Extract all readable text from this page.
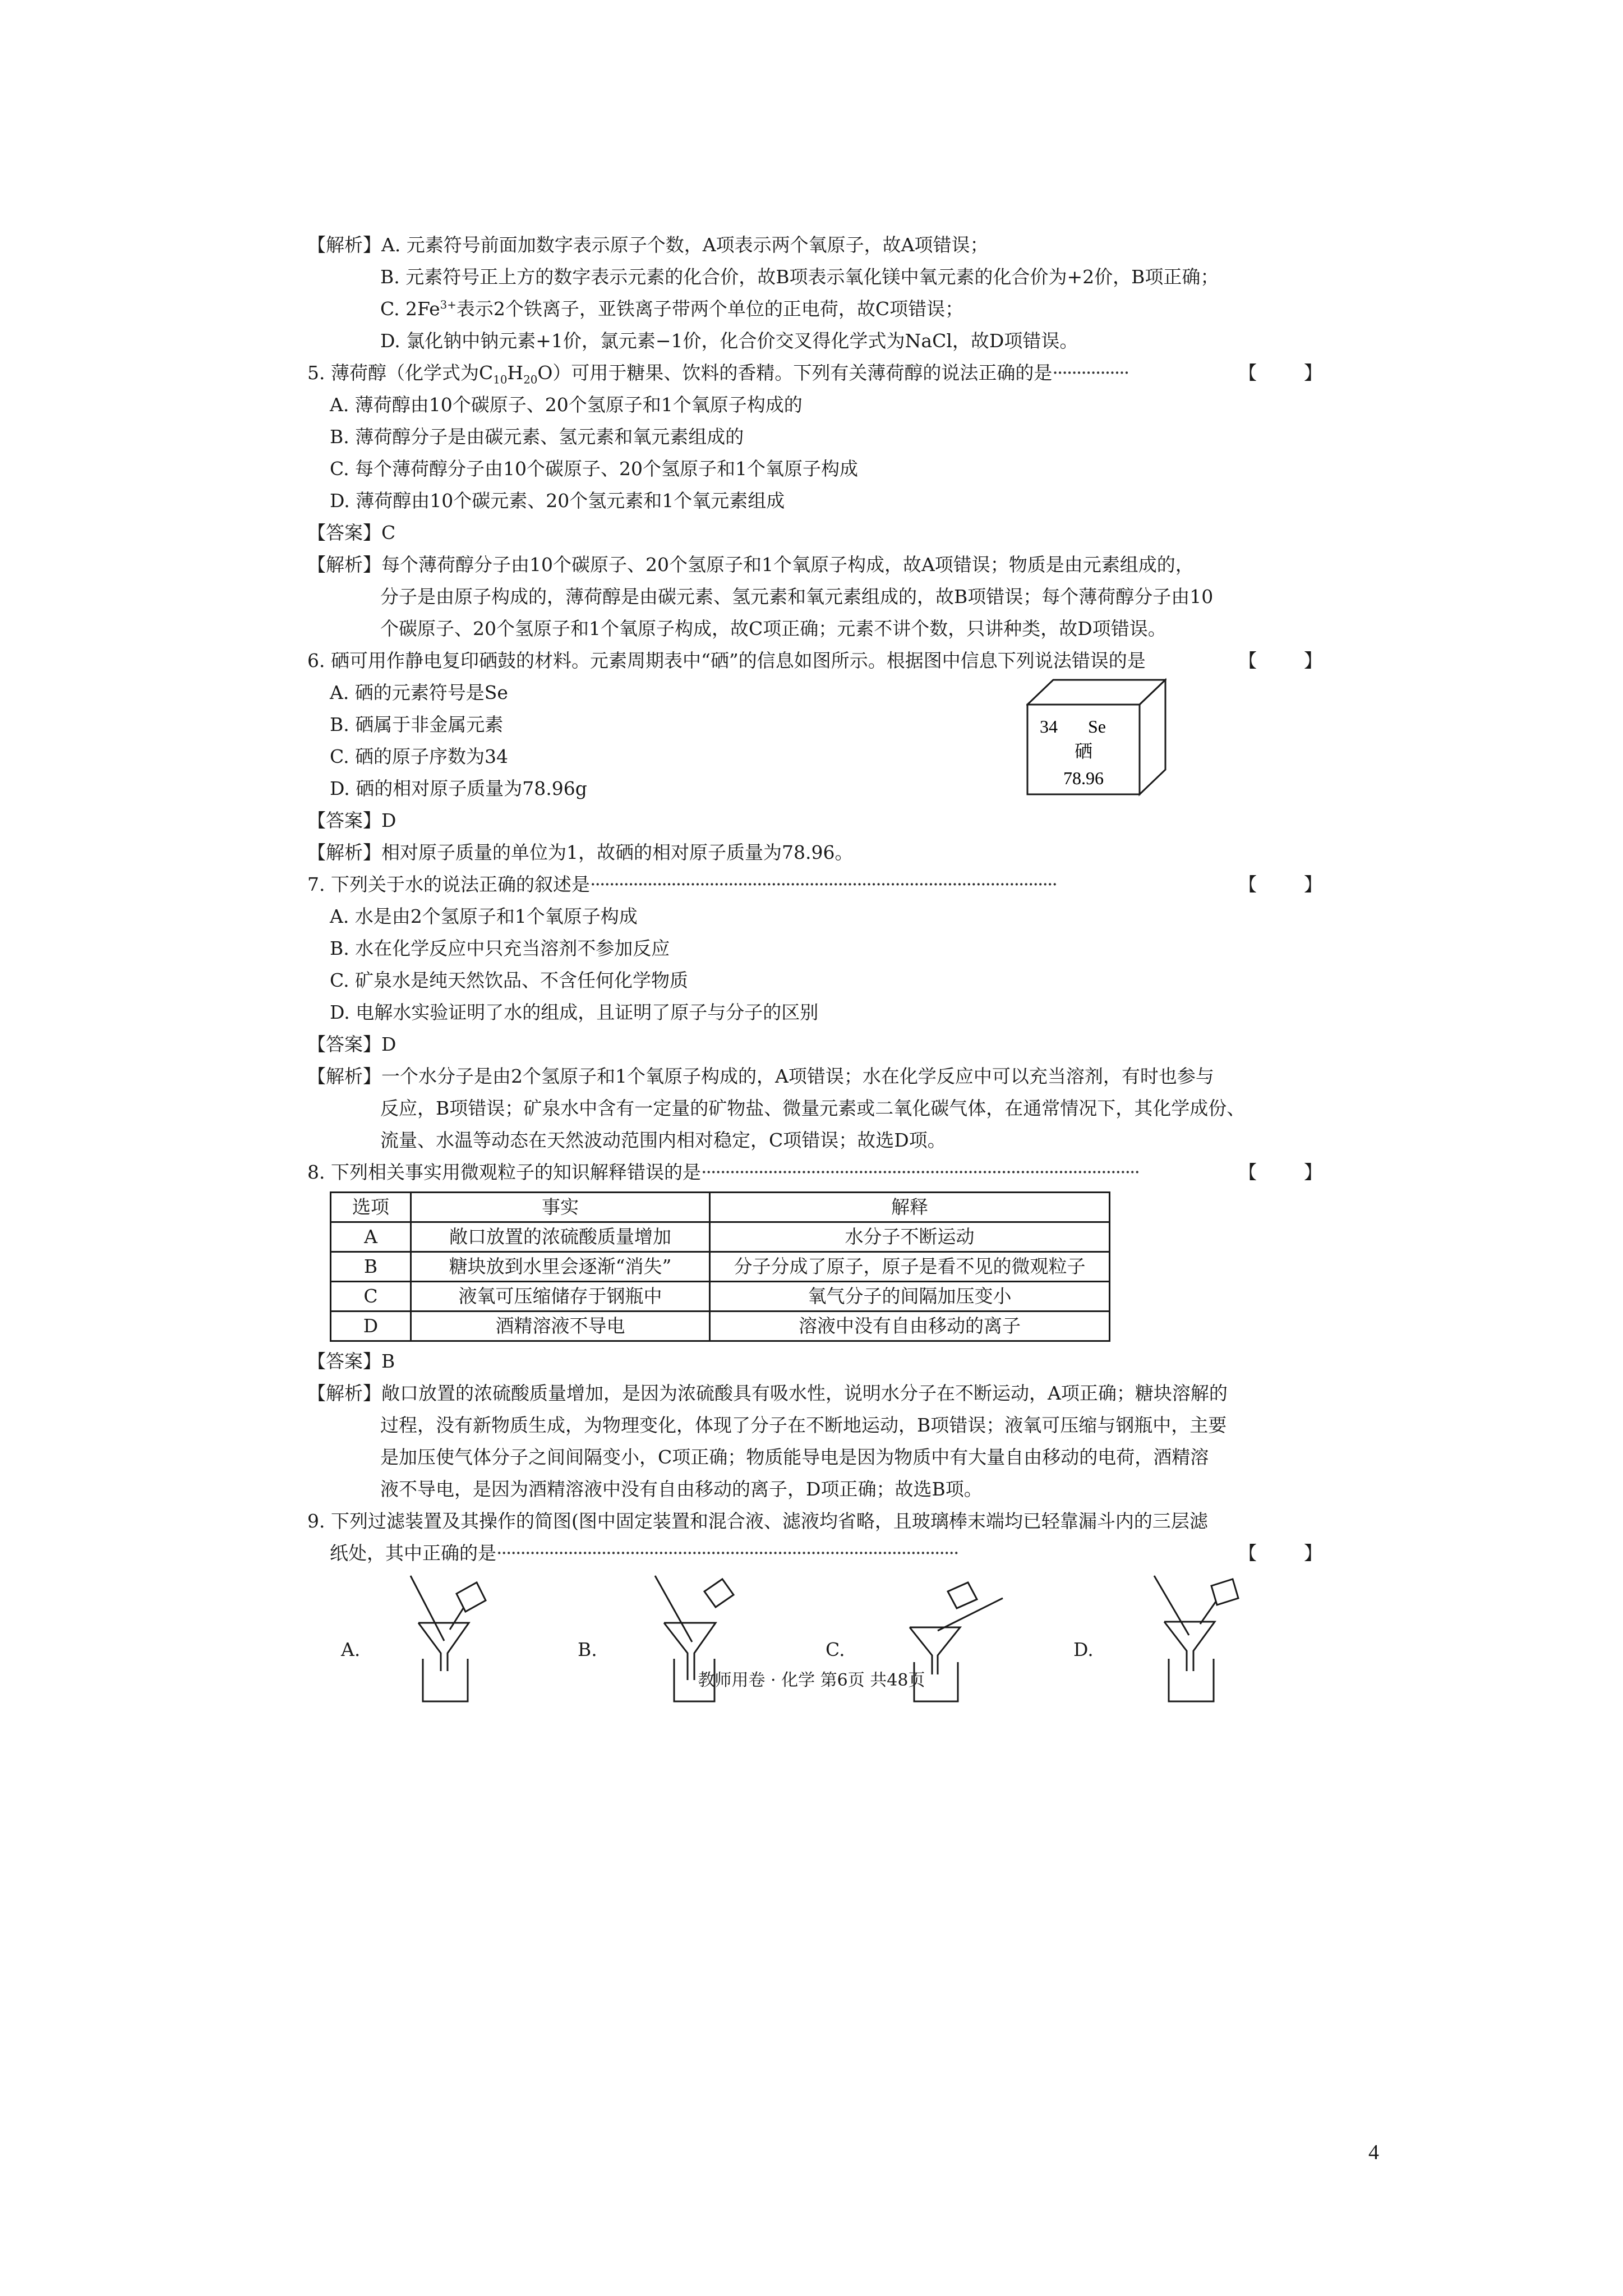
【解析】A. 元素符号前面加数字表示原子个数，A项表示两个氧原子，故A项错误；
B. 元素符号正上方的数字表示元素的化合价，故B项表示氧化镁中氧元素的化合价为+2价，B项正确；
C. $2Fe^{3+}$表示2个铁离子，亚铁离子带两个单位的正电荷，故C项错误；
D. 氯化钠中钠元素+1价，氯元素−1价，化合价交叉得化学式为NaCl，故D项错误。
5. 薄荷醇（化学式为$C_{10}H_{20}O$）可用于糖果、饮料的香精。下列有关薄荷醇的说法正确的是················	【        】
A. 薄荷醇由10个碳原子、20个氢原子和1个氧原子构成的
B. 薄荷醇分子是由碳元素、氢元素和氧元素组成的
C. 每个薄荷醇分子由10个碳原子、20个氢原子和1个氧原子构成
D. 薄荷醇由10个碳元素、20个氢元素和1个氧元素组成
【答案】C
【解析】每个薄荷醇分子由10个碳原子、20个氢原子和1个氧原子构成，故A项错误；物质是由元素组成的，
分子是由原子构成的，薄荷醇是由碳元素、氢元素和氧元素组成的，故B项错误；每个薄荷醇分子由10
个碳原子、20个氢原子和1个氧原子构成，故C项正确；元素不讲个数，只讲种类，故D项错误。
6. 硒可用作静电复印硒鼓的材料。元素周期表中“硒”的信息如图所示。根据图中信息下列说法错误的是	【        】
A. 硒的元素符号是Se
B. 硒属于非金属元素
C. 硒的原子序数为34
D. 硒的相对原子质量为78.96g
34 Se
硒
78.96
【答案】D
【解析】相对原子质量的单位为1，故硒的相对原子质量为78.96。
7. 下列关于水的说法正确的叙述是··································································································	【        】
A. 水是由2个氢原子和1个氧原子构成
B. 水在化学反应中只充当溶剂不参加反应
C. 矿泉水是纯天然饮品、不含任何化学物质
D. 电解水实验证明了水的组成，且证明了原子与分子的区别
【答案】D
【解析】一个水分子是由2个氢原子和1个氧原子构成的，A项错误；水在化学反应中可以充当溶剂，有时也参与
反应，B项错误；矿泉水中含有一定量的矿物盐、微量元素或二氧化碳气体，在通常情况下，其化学成份、
流量、水温等动态在天然波动范围内相对稳定，C项错误；故选D项。
8. 下列相关事实用微观粒子的知识解释错误的是····························································································	【        】
选项	事实	解释
A	敞口放置的浓硫酸质量增加	水分子不断运动
B	糖块放到水里会逐渐“消失”	分子分成了原子，原子是看不见的微观粒子
C	液氧可压缩储存于钢瓶中	氧气分子的间隔加压变小
D	酒精溶液不导电	溶液中没有自由移动的离子
【答案】B
【解析】敞口放置的浓硫酸质量增加，是因为浓硫酸具有吸水性，说明水分子在不断运动，A项正确；糖块溶解的
过程，没有新物质生成，为物理变化，体现了分子在不断地运动，B项错误；液氧可压缩与钢瓶中，主要
是加压使气体分子之间间隔变小，C项正确；物质能导电是因为物质中有大量自由移动的电荷，酒精溶
液不导电，是因为酒精溶液中没有自由移动的离子，D项正确；故选B项。
9. 下列过滤装置及其操作的简图(图中固定装置和混合液、滤液均省略，且玻璃棒末端均已轻靠漏斗内的三层滤
纸处，其中正确的是·································································································	【        】
A.	B.	C.	D.
教师用卷 · 化学 第6页 共48页
4
